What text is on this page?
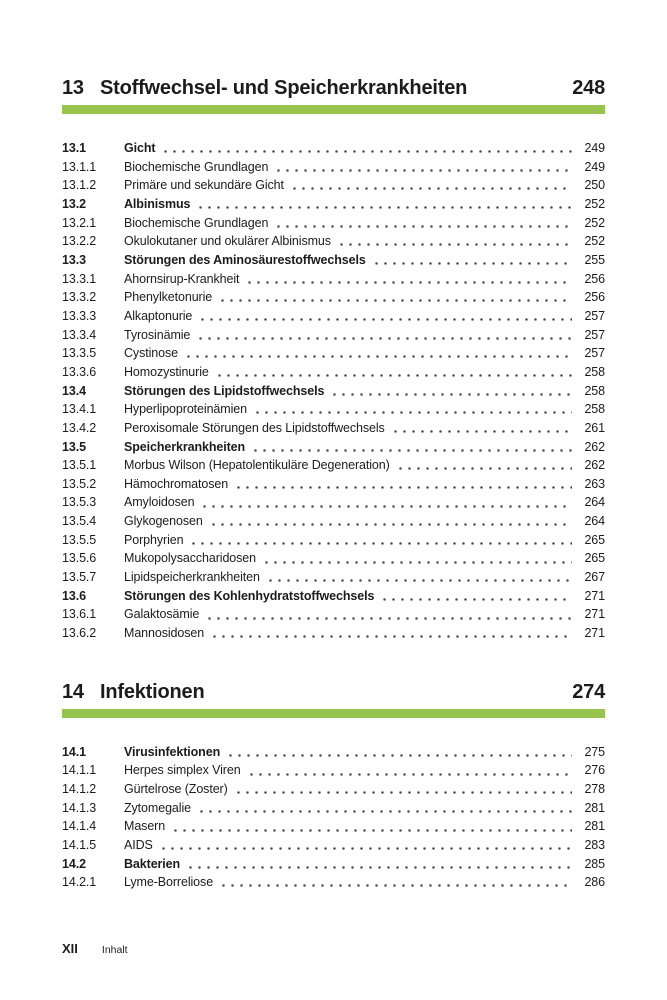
13 Stoffwechsel- und Speicherkrankheiten	248
13.1	Gicht	249
13.1.1	Biochemische Grundlagen	249
13.1.2	Primäre und sekundäre Gicht	250
13.2	Albinismus	252
13.2.1	Biochemische Grundlagen	252
13.2.2	Okulokutaner und okulärer Albinismus	252
13.3	Störungen des Aminosäurestoffwechsels	255
13.3.1	Ahornsirup-Krankheit	256
13.3.2	Phenylketonurie	256
13.3.3	Alkaptonurie	257
13.3.4	Tyrosinämie	257
13.3.5	Cystinose	257
13.3.6	Homozystinurie	258
13.4	Störungen des Lipidstoffwechsels	258
13.4.1	Hyperlipoproteinämien	258
13.4.2	Peroxisomale Störungen des Lipidstoffwechsels	261
13.5	Speicherkrankheiten	262
13.5.1	Morbus Wilson (Hepatolentikuläre Degeneration)	262
13.5.2	Hämochromatosen	263
13.5.3	Amyloidosen	264
13.5.4	Glykogenosen	264
13.5.5	Porphyrien	265
13.5.6	Mukopolysaccharidosen	265
13.5.7	Lipidspeicherkrankheiten	267
13.6	Störungen des Kohlenhydratstoffwechsels	271
13.6.1	Galaktosämie	271
13.6.2	Mannosidosen	271
14 Infektionen	274
14.1	Virusinfektionen	275
14.1.1	Herpes simplex Viren	276
14.1.2	Gürtelrose (Zoster)	278
14.1.3	Zytomegalie	281
14.1.4	Masern	281
14.1.5	AIDS	283
14.2	Bakterien	285
14.2.1	Lyme-Borreliose	286
XII Inhalt
